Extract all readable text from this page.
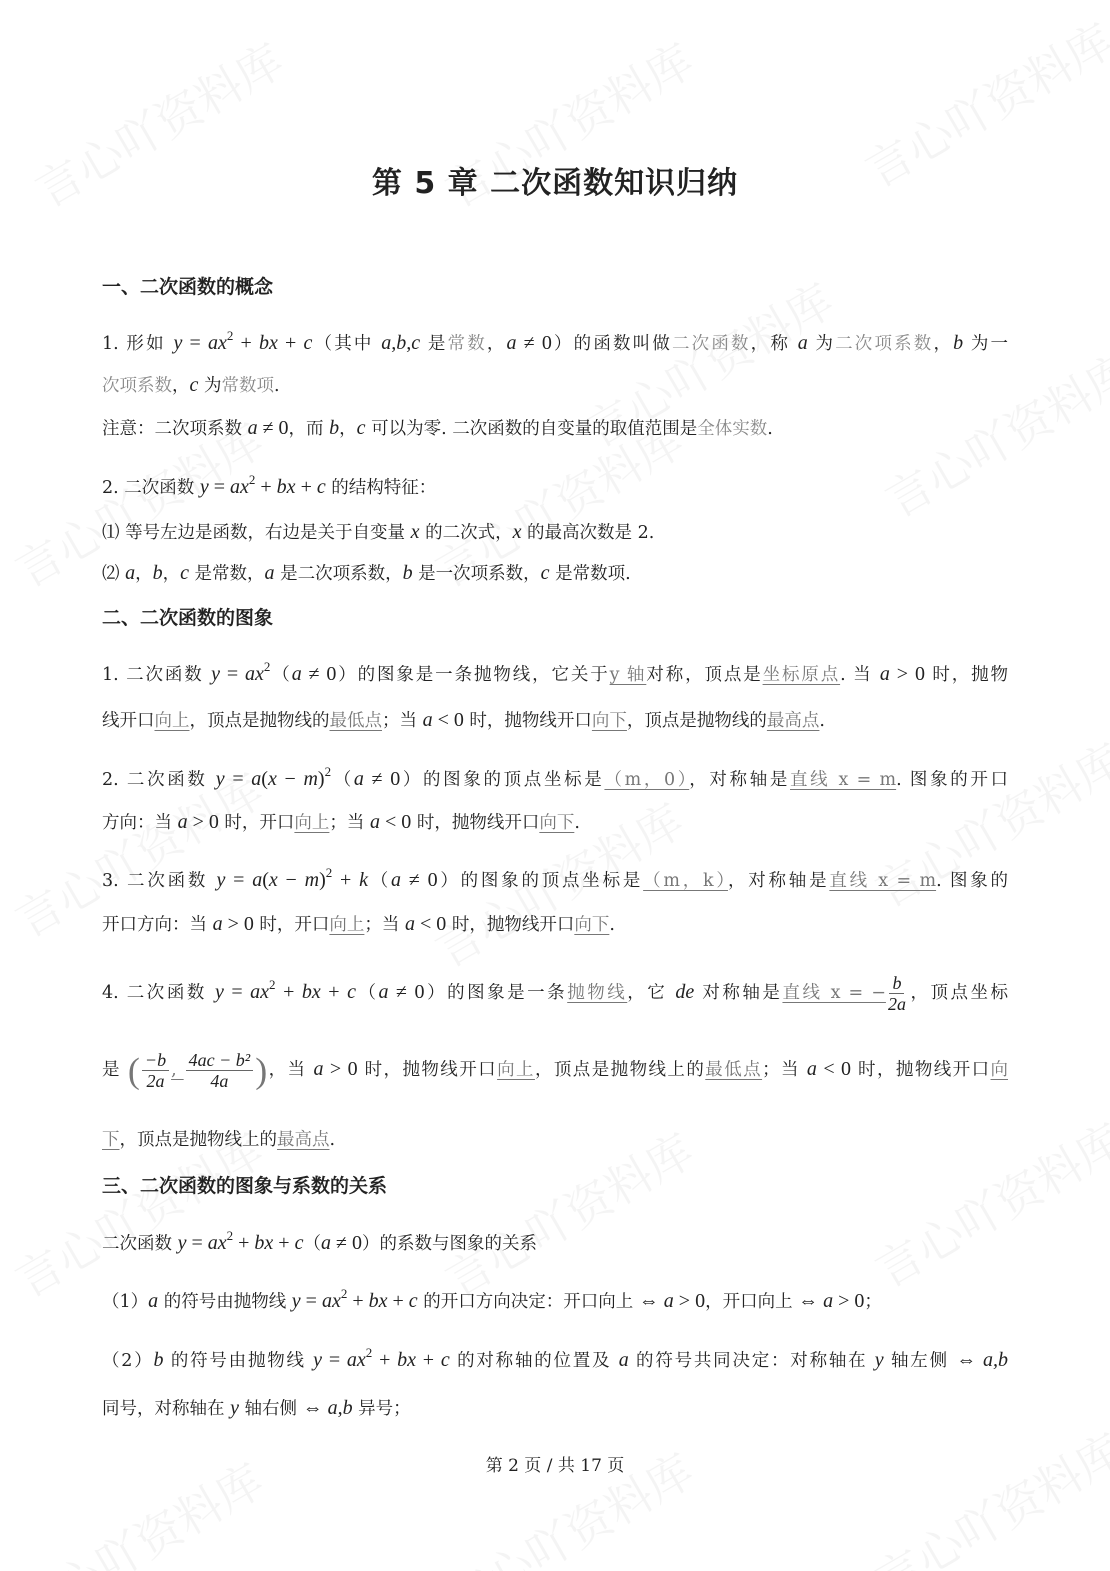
第 5 章 二次函数知识归纳
一、二次函数的概念
1. 形如 $y = ax^2$ + bx + c（其中 a,b,c 是常数，a ≠ 0）的函数叫做二次函数，称 a 为二次项系数，b 为一
次项系数，c 为常数项.
注意：二次项系数 a ≠ 0，而 b，c 可以为零. 二次函数的自变量的取值范围是全体实数.
2. 二次函数 $y = ax^2$ + bx + c 的结构特征：
⑴ 等号左边是函数，右边是关于自变量 x 的二次式，x 的最高次数是 2.
⑵ a，b，c 是常数，a 是二次项系数，b 是一次项系数，c 是常数项.
二、二次函数的图象
1. 二次函数 $y = ax^2(a \ne 0)$的图象是一条抛物线，它关于y 轴对称，顶点是坐标原点. 当 a > 0 时，抛物
线开口向上，顶点是抛物线的最低点；当 a < 0 时，抛物线开口向下，顶点是抛物线的最高点.
2. 二次函数 $y = a(x - m)^2(a \ne 0)$的图象的顶点坐标是（m，0），对称轴是直线 x = m. 图象的开口
方向：当 a > 0 时，开口向上；当 a < 0 时，抛物线开口向下.
3. 二次函数 $y = a(x - m)^2 + k(a \ne 0)$的图象的顶点坐标是（m，k），对称轴是直线 x = m. 图象的
开口方向：当 a > 0 时，开口向上；当 a < 0 时，抛物线开口向下.
4. 二次函数 $y = ax^2$ + bx + c（a ≠ 0）的图象是一条抛物线，它 de 对称轴是直线 x = − $\frac{b}{2a}$ ，顶点坐标
是 ( $\frac{-b}{2a}$ , $\frac{\text{4ac − b²}}{4a}$ )，当 a > 0 时，抛物线开口向上，顶点是抛物线上的最低点；当 a < 0 时，抛物线开口向
下，顶点是抛物线上的最高点.
三、二次函数的图象与系数的关系
二次函数 $y = ax^2$ + bx + c（a ≠ 0）的系数与图象的关系
（1）a 的符号由抛物线 $y = ax^2$ + bx + c 的开口方向决定：开口向上 ⇔ a > 0，开口向上 ⇔ a > 0；
（2）b 的符号由抛物线 $y = ax^2$ + bx + c 的对称轴的位置及 a 的符号共同决定：对称轴在 y 轴左侧 ⇔ a,b
同号，对称轴在 y 轴右侧 ⇔ a,b 异号；
第 2 页 / 共 17 页
